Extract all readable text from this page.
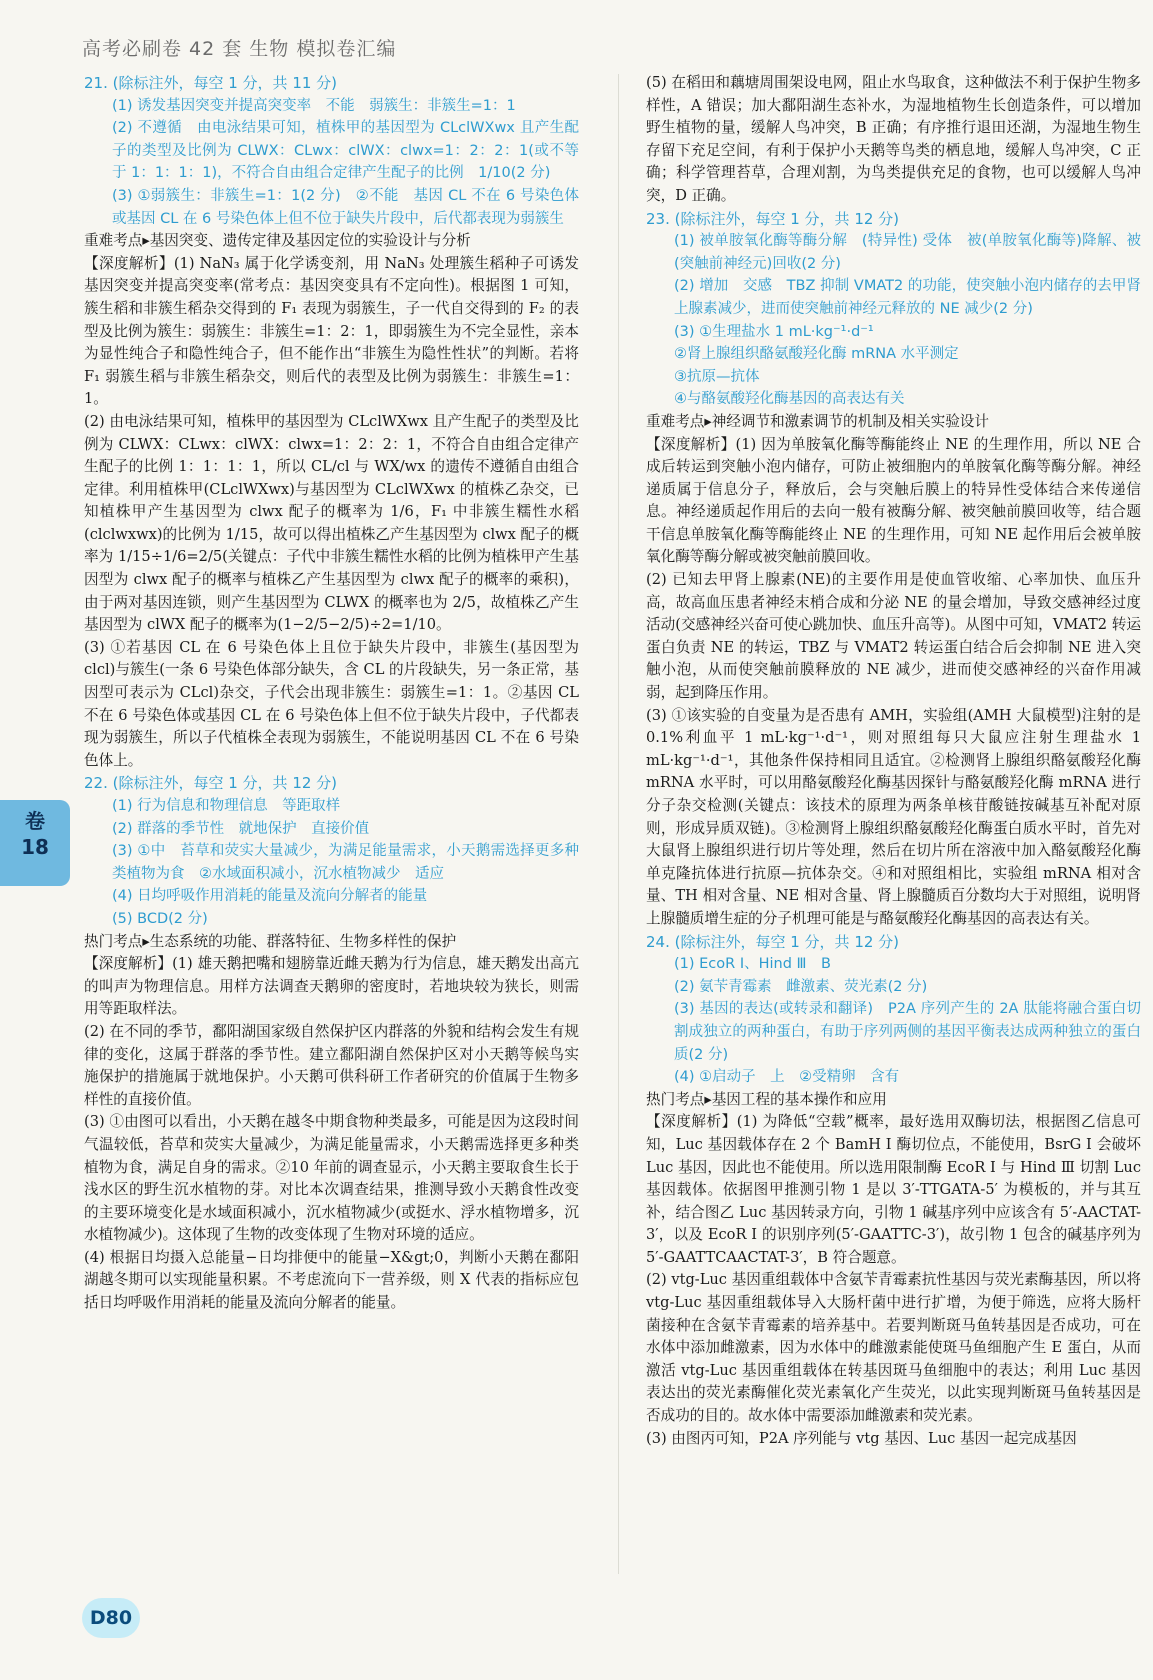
高考必刷卷 42 套 生物 模拟卷汇编

21. (除标注外，每空 1 分，共 11 分)

(1) 诱发基因突变并提高突变率　不能　弱簇生：非簇生=1：1

(2) 不遵循　由电泳结果可知，植株甲的基因型为 CLclWXwx 且产生配子的类型及比例为 CLWX：CLwx：clWX：clwx=1：2：2：1(或不等于 1：1：1：1)，不符合自由组合定律产生配子的比例　1/10(2 分)

(3) ①弱簇生：非簇生=1：1(2 分)　②不能　基因 CL 不在 6 号染色体或基因 CL 在 6 号染色体上但不位于缺失片段中，后代都表现为弱簇生

重难考点▸基因突变、遗传定律及基因定位的实验设计与分析

【深度解析】(1) NaN₃ 属于化学诱变剂，用 NaN₃ 处理簇生稻种子可诱发基因突变并提高突变率(常考点：基因突变具有不定向性)。根据图 1 可知，簇生稻和非簇生稻杂交得到的 F₁ 表现为弱簇生，子一代自交得到的 F₂ 的表型及比例为簇生：弱簇生：非簇生=1：2：1，即弱簇生为不完全显性，亲本为显性纯合子和隐性纯合子，但不能作出“非簇生为隐性性状”的判断。若将 F₁ 弱簇生稻与非簇生稻杂交，则后代的表型及比例为弱簇生：非簇生=1：1。

(2) 由电泳结果可知，植株甲的基因型为 CLclWXwx 且产生配子的类型及比例为 CLWX：CLwx：clWX：clwx=1：2：2：1，不符合自由组合定律产生配子的比例 1：1：1：1，所以 CL/cl 与 WX/wx 的遗传不遵循自由组合定律。利用植株甲(CLclWXwx)与基因型为 CLclWXwx 的植株乙杂交，已知植株甲产生基因型为 clwx 配子的概率为 1/6，F₁ 中非簇生糯性水稻(clclwxwx)的比例为 1/15，故可以得出植株乙产生基因型为 clwx 配子的概率为 1/15÷1/6=2/5(关键点：子代中非簇生糯性水稻的比例为植株甲产生基因型为 clwx 配子的概率与植株乙产生基因型为 clwx 配子的概率的乘积)，由于两对基因连锁，则产生基因型为 CLWX 的概率也为 2/5，故植株乙产生基因型为 clWX 配子的概率为(1−2/5−2/5)÷2=1/10。

(3) ①若基因 CL 在 6 号染色体上且位于缺失片段中，非簇生(基因型为 clcl)与簇生(一条 6 号染色体部分缺失，含 CL 的片段缺失，另一条正常，基因型可表示为 CLcl)杂交，子代会出现非簇生：弱簇生=1：1。②基因 CL 不在 6 号染色体或基因 CL 在 6 号染色体上但不位于缺失片段中，子代都表现为弱簇生，所以子代植株全表现为弱簇生，不能说明基因 CL 不在 6 号染色体上。

22. (除标注外，每空 1 分，共 12 分)

(1) 行为信息和物理信息　等距取样

(2) 群落的季节性　就地保护　直接价值

(3) ①中　苔草和荧实大量减少，为满足能量需求，小天鹅需选择更多种类植物为食　②水域面积减小，沉水植物减少　适应

(4) 日均呼吸作用消耗的能量及流向分解者的能量

(5) BCD(2 分)

热门考点▸生态系统的功能、群落特征、生物多样性的保护

【深度解析】(1) 雄天鹅把嘴和翅膀靠近雌天鹅为行为信息，雄天鹅发出高亢的叫声为物理信息。用样方法调查天鹅卵的密度时，若地块较为狭长，则需用等距取样法。

(2) 在不同的季节，鄱阳湖国家级自然保护区内群落的外貌和结构会发生有规律的变化，这属于群落的季节性。建立鄱阳湖自然保护区对小天鹅等候鸟实施保护的措施属于就地保护。小天鹅可供科研工作者研究的价值属于生物多样性的直接价值。

(3) ①由图可以看出，小天鹅在越冬中期食物种类最多，可能是因为这段时间气温较低，苔草和荧实大量减少，为满足能量需求，小天鹅需选择更多种类植物为食，满足自身的需求。②10 年前的调查显示，小天鹅主要取食生长于浅水区的野生沉水植物的芽。对比本次调查结果，推测导致小天鹅食性改变的主要环境变化是水域面积减小，沉水植物减少(或挺水、浮水植物增多，沉水植物减少)。这体现了生物的改变体现了生物对环境的适应。

(4) 根据日均摄入总能量−日均排便中的能量−X&gt;0，判断小天鹅在鄱阳湖越冬期可以实现能量积累。不考虑流向下一营养级，则 X 代表的指标应包括日均呼吸作用消耗的能量及流向分解者的能量。

(5) 在稻田和藕塘周围架设电网，阻止水鸟取食，这种做法不利于保护生物多样性，A 错误；加大鄱阳湖生态补水，为湿地植物生长创造条件，可以增加野生植物的量，缓解人鸟冲突，B 正确；有序推行退田还湖，为湿地生物生存留下充足空间，有利于保护小天鹅等鸟类的栖息地，缓解人鸟冲突，C 正确；科学管理苔草，合理刈割，为鸟类提供充足的食物，也可以缓解人鸟冲突，D 正确。

23. (除标注外，每空 1 分，共 12 分)

(1) 被单胺氧化酶等酶分解　(特异性) 受体　被(单胺氧化酶等)降解、被(突触前神经元)回收(2 分)

(2) 增加　交感　TBZ 抑制 VMAT2 的功能，使突触小泡内储存的去甲肾上腺素减少，进而使突触前神经元释放的 NE 减少(2 分)

(3) ①生理盐水 1 mL·kg⁻¹·d⁻¹

②肾上腺组织酪氨酸羟化酶 mRNA 水平测定

③抗原—抗体

④与酪氨酸羟化酶基因的高表达有关

重难考点▸神经调节和激素调节的机制及相关实验设计

【深度解析】(1) 因为单胺氧化酶等酶能终止 NE 的生理作用，所以 NE 合成后转运到突触小泡内储存，可防止被细胞内的单胺氧化酶等酶分解。神经递质属于信息分子，释放后，会与突触后膜上的特异性受体结合来传递信息。神经递质起作用后的去向一般有被酶分解、被突触前膜回收等，结合题干信息单胺氧化酶等酶能终止 NE 的生理作用，可知 NE 起作用后会被单胺氧化酶等酶分解或被突触前膜回收。

(2) 已知去甲肾上腺素(NE)的主要作用是使血管收缩、心率加快、血压升高，故高血压患者神经末梢合成和分泌 NE 的量会增加，导致交感神经过度活动(交感神经兴奋可使心跳加快、血压升高等)。从图中可知，VMAT2 转运蛋白负责 NE 的转运，TBZ 与 VMAT2 转运蛋白结合后会抑制 NE 进入突触小泡，从而使突触前膜释放的 NE 减少，进而使交感神经的兴奋作用减弱，起到降压作用。

(3) ①该实验的自变量为是否患有 AMH，实验组(AMH 大鼠模型)注射的是 0.1%利血平 1 mL·kg⁻¹·d⁻¹，则对照组每只大鼠应注射生理盐水 1 mL·kg⁻¹·d⁻¹，其他条件保持相同且适宜。②检测肾上腺组织酪氨酸羟化酶 mRNA 水平时，可以用酪氨酸羟化酶基因探针与酪氨酸羟化酶 mRNA 进行分子杂交检测(关键点：该技术的原理为两条单核苷酸链按碱基互补配对原则，形成异质双链)。③检测肾上腺组织酪氨酸羟化酶蛋白质水平时，首先对大鼠肾上腺组织进行切片等处理，然后在切片所在溶液中加入酪氨酸羟化酶单克隆抗体进行抗原—抗体杂交。④和对照组相比，实验组 mRNA 相对含量、TH 相对含量、NE 相对含量、肾上腺髓质百分数均大于对照组，说明肾上腺髓质增生症的分子机理可能是与酪氨酸羟化酶基因的高表达有关。

24. (除标注外，每空 1 分，共 12 分)

(1) EcoR Ⅰ、Hind Ⅲ　B

(2) 氨苄青霉素　雌激素、荧光素(2 分)

(3) 基因的表达(或转录和翻译)　P2A 序列产生的 2A 肽能将融合蛋白切割成独立的两种蛋白，有助于序列两侧的基因平衡表达成两种独立的蛋白质(2 分)

(4) ①启动子　上　②受精卵　含有

热门考点▸基因工程的基本操作和应用

【深度解析】(1) 为降低“空载”概率，最好选用双酶切法，根据图乙信息可知，Luc 基因载体存在 2 个 BamH Ⅰ 酶切位点，不能使用，BsrG Ⅰ 会破坏 Luc 基因，因此也不能使用。所以选用限制酶 EcoR Ⅰ 与 Hind Ⅲ 切割 Luc 基因载体。依据图甲推测引物 1 是以 3′-TTGATA-5′ 为模板的，并与其互补，结合图乙 Luc 基因转录方向，引物 1 碱基序列中应该含有 5′-AACTAT-3′，以及 EcoR Ⅰ 的识别序列(5′-GAATTC-3′)，故引物 1 包含的碱基序列为 5′-GAATTCAACTAT-3′，B 符合题意。

(2) vtg-Luc 基因重组载体中含氨苄青霉素抗性基因与荧光素酶基因，所以将 vtg-Luc 基因重组载体导入大肠杆菌中进行扩增，为便于筛选，应将大肠杆菌接种在含氨苄青霉素的培养基中。若要判断斑马鱼转基因是否成功，可在水体中添加雌激素，因为水体中的雌激素能使斑马鱼细胞产生 E 蛋白，从而激活 vtg-Luc 基因重组载体在转基因斑马鱼细胞中的表达；利用 Luc 基因表达出的荧光素酶催化荧光素氧化产生荧光，以此实现判断斑马鱼转基因是否成功的目的。故水体中需要添加雌激素和荧光素。

(3) 由图丙可知，P2A 序列能与 vtg 基因、Luc 基因一起完成基因

卷
18
D80
